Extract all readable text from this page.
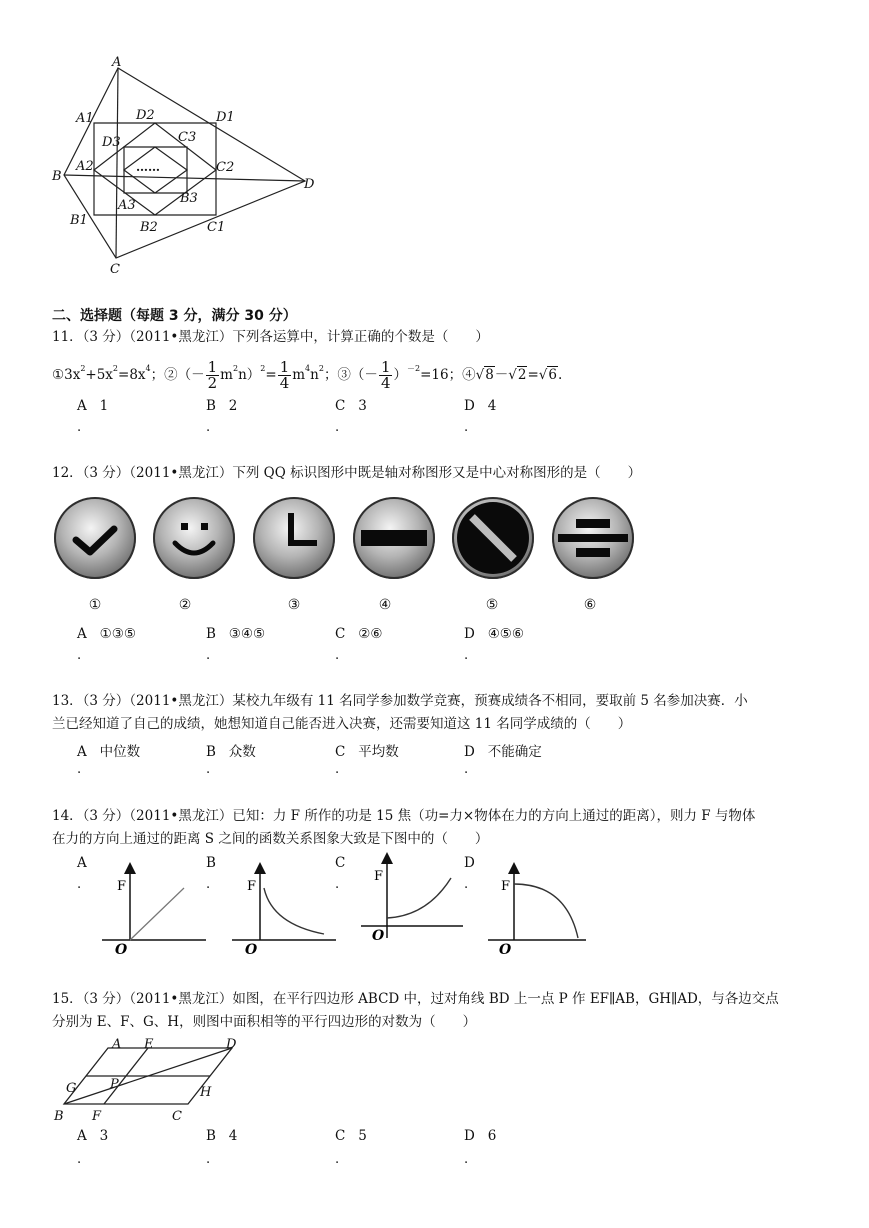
A
A1	D2	D1
D3	C3
B
A2	C2
D
A3	B3
B1	B2	C1
C
……
二、选择题（每题 3 分，满分 30 分）
11．（3 分）（2011•黑龙江）下列各运算中，计算正确的个数是（　　）
$①3x^2+5x^2=8x^4$；②（－ $\frac{1}{2} m^2n)^2= \frac{1}{4} m^4n^2$；③（－ $\frac{1}{4} )^{-2}=16$；④√8－√2=√6.
A 1	B 2	C 3	D 4
.	.	.	.
12．（3 分）（2011•黑龙江）下列 QQ 标识图形中既是轴对称图形又是中心对称图形的是（　　）
①	②	③	④	⑤	⑥
A ①③⑤	B ③④⑤	C ②⑥	D ④⑤⑥
.	.	.	.
13．（3 分）（2011•黑龙江）某校九年级有 11 名同学参加数学竞赛，预赛成绩各不相同，要取前 5 名参加决赛．小
兰已经知道了自己的成绩，她想知道自己能否进入决赛，还需要知道这 11 名同学成绩的（　　）
A 中位数	B 众数	C 平均数	D 不能确定
.	.	.	.
14．（3 分）（2011•黑龙江）已知：力 F 所作的功是 15 焦（功=力×物体在力的方向上通过的距离），则力 F 与物体
在力的方向上通过的距离 S 之间的函数关系图象大致是下图中的（　　）
A	B	C	D
.	.	.	.
F
O
F
O
F
O
F
O
15．（3 分）（2011•黑龙江）如图，在平行四边形 ABCD 中，过对角线 BD 上一点 P 作 EF∥AB，GH∥AD，与各边交点
分别为 E、F、G、H，则图中面积相等的平行四边形的对数为（　　）
A E	D
G	P
H
B F	C
A 3	B 4	C 5	D 6
.	.	.	.
